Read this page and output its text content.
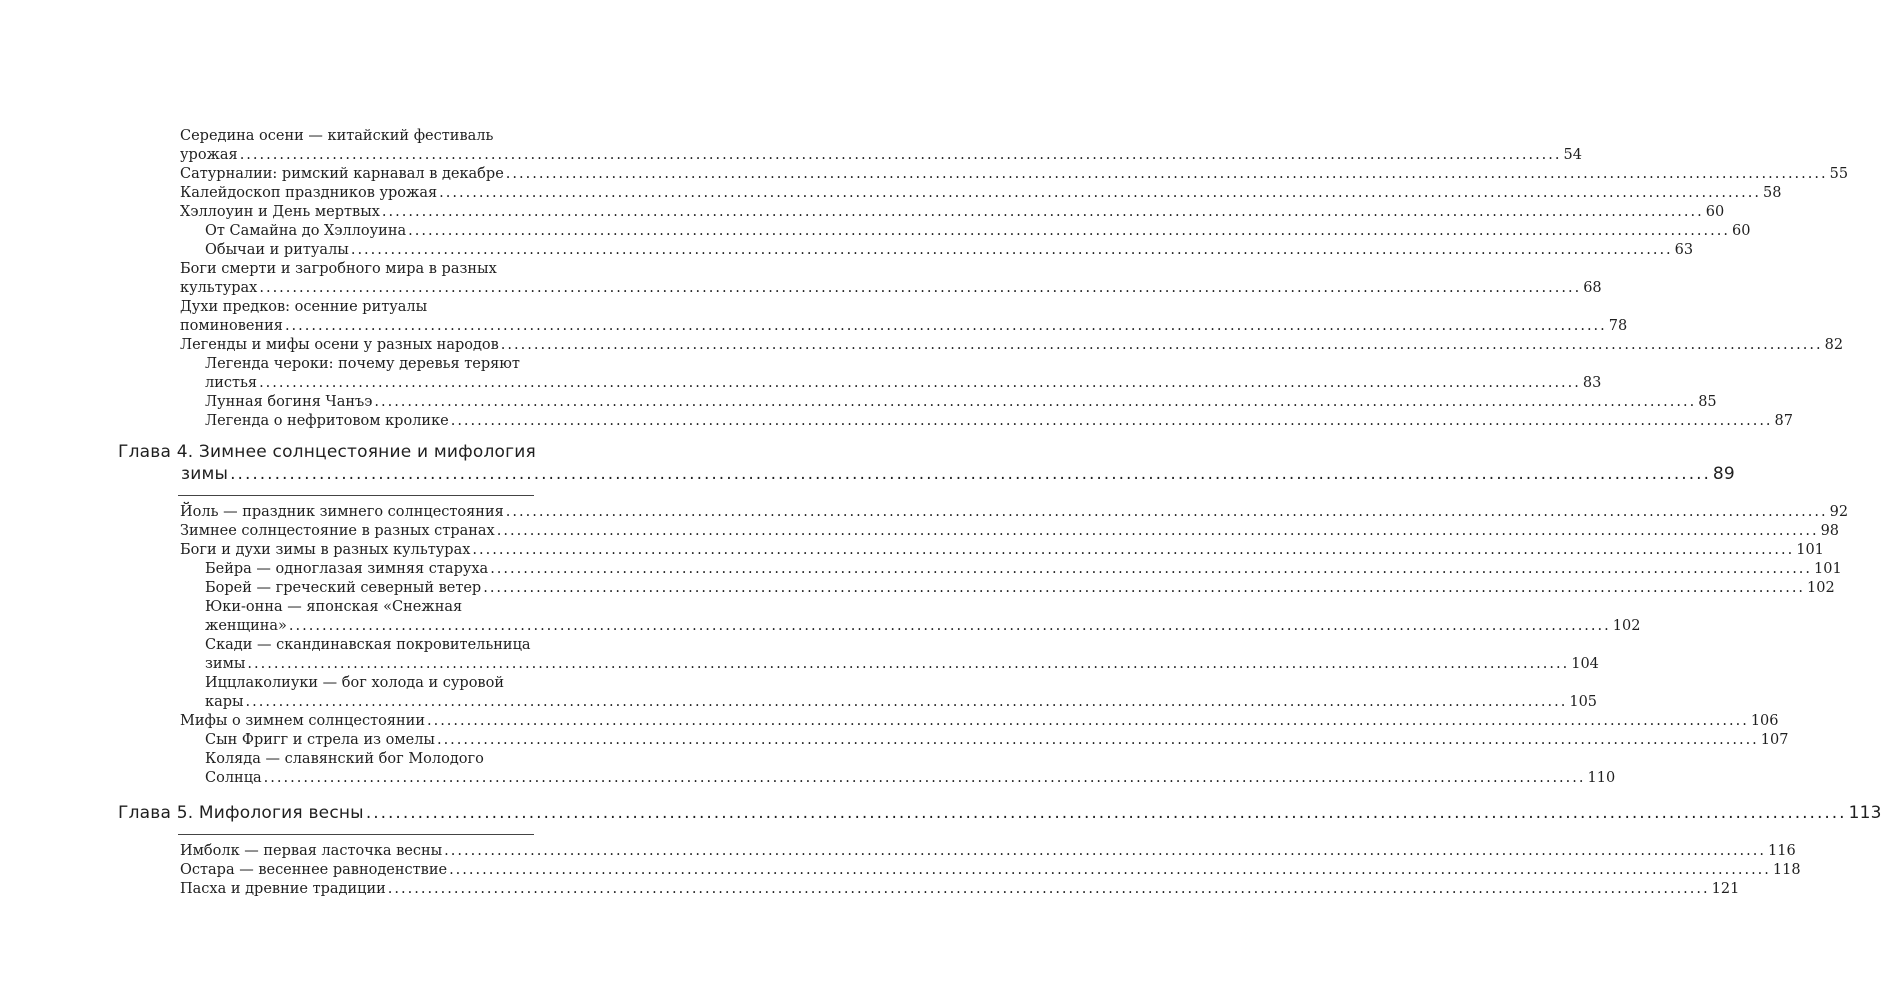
Середина осени — китайский фестиваль
урожая ........................................................................................................................................................................................................ 54
Сатурналии: римский карнавал в декабре ........................................................................................................................................................................................................ 55
Калейдоскоп праздников урожая ........................................................................................................................................................................................................ 58
Хэллоуин и День мертвых ........................................................................................................................................................................................................ 60
От Самайна до Хэллоуина ........................................................................................................................................................................................................ 60
Обычаи и ритуалы ........................................................................................................................................................................................................ 63
Боги смерти и загробного мира в разных
культурах ........................................................................................................................................................................................................ 68
Духи предков: осенние ритуалы
поминовения ........................................................................................................................................................................................................ 78
Легенды и мифы осени у разных народов ........................................................................................................................................................................................................ 82
Легенда чероки: почему деревья теряют
листья ........................................................................................................................................................................................................ 83
Лунная богиня Чанъэ ........................................................................................................................................................................................................ 85
Легенда о нефритовом кролике ........................................................................................................................................................................................................ 87
Глава 4. Зимнее солнцестояние и мифология
зимы ........................................................................................................................................................................................................ 89
Йоль — праздник зимнего солнцестояния ........................................................................................................................................................................................................ 92
Зимнее солнцестояние в разных странах ........................................................................................................................................................................................................ 98
Боги и духи зимы в разных культурах ........................................................................................................................................................................................................ 101
Бейра — одноглазая зимняя старуха ........................................................................................................................................................................................................ 101
Борей — греческий северный ветер ........................................................................................................................................................................................................ 102
Юки-онна — японская «Снежная
женщина» ........................................................................................................................................................................................................ 102
Скади — скандинавская покровительница
зимы ........................................................................................................................................................................................................ 104
Иццлаколиуки — бог холода и суровой
кары ........................................................................................................................................................................................................ 105
Мифы о зимнем солнцестоянии ........................................................................................................................................................................................................ 106
Сын Фригг и стрела из омелы ........................................................................................................................................................................................................ 107
Коляда — славянский бог Молодого
Солнца ........................................................................................................................................................................................................ 110
Глава 5. Мифология весны ........................................................................................................................................................................................................ 113
Имболк — первая ласточка весны ........................................................................................................................................................................................................ 116
Остара — весеннее равноденствие ........................................................................................................................................................................................................ 118
Пасха и древние традиции ........................................................................................................................................................................................................ 121
